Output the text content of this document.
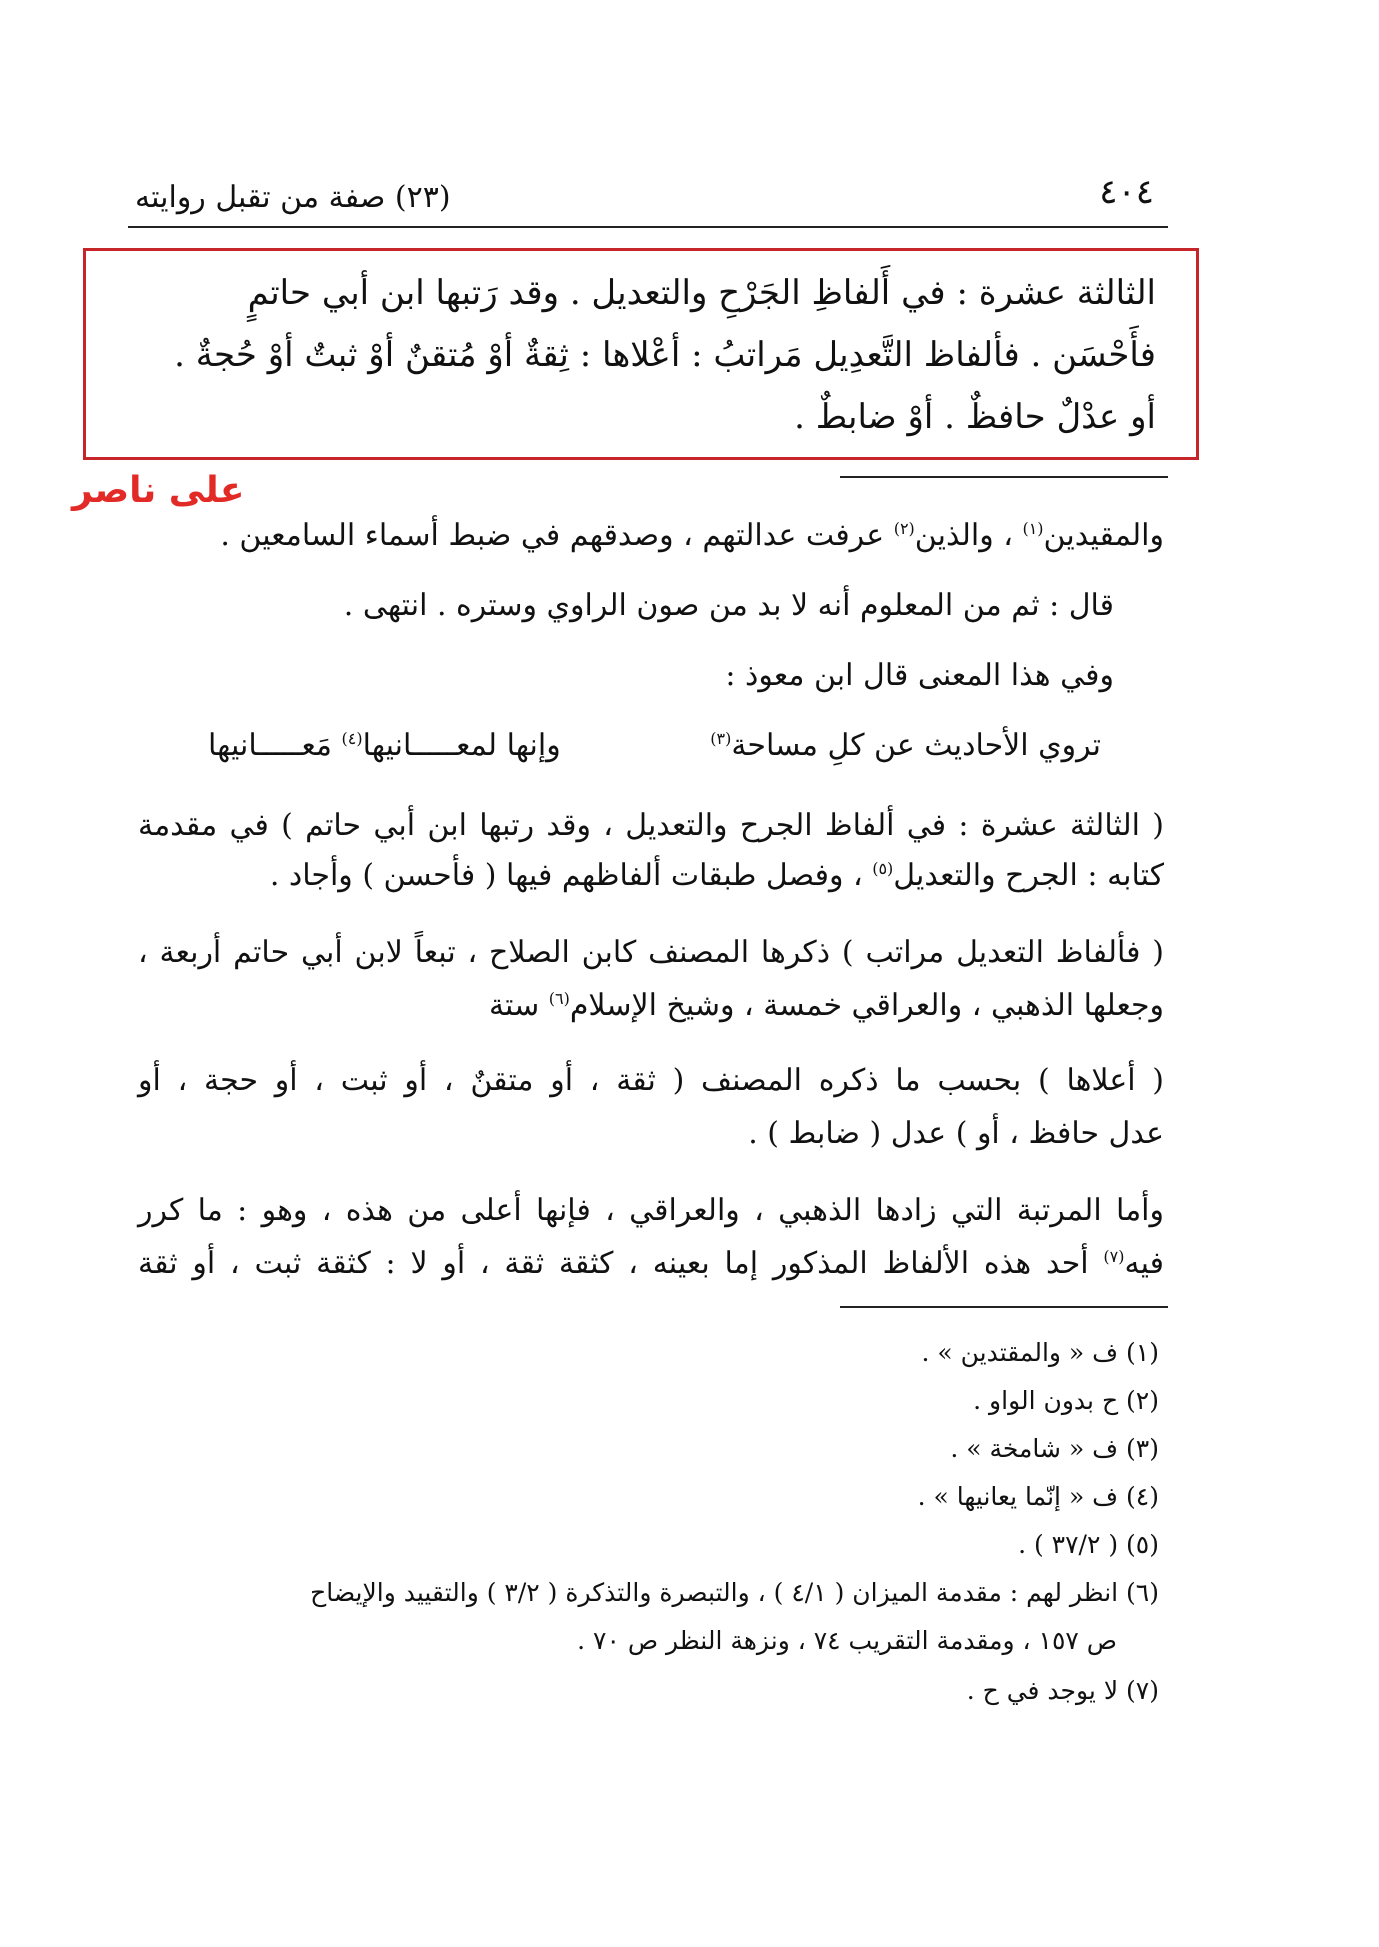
٤٠٤
(٢٣) صفة من تقبل روايته
الثالثة عشرة : في أَلفاظِ الجَرْحِ والتعديل . وقد رَتبها ابن أبي حاتمٍ
فأَحْسَن . فألفاظ التَّعدِيل مَراتبُ : أعْلاها : ثِقةٌ أوْ مُتقنٌ أوْ ثبتٌ أوْ حُجةٌ .
أو عدْلٌ حافظٌ . أوْ ضابطٌ .
على ناصر
والمقيدين$^{(١)}$ ، والذين$^{(٢)}$ عرفت عدالتهم ، وصدقهم في ضبط أسماء السامعين .
قال : ثم من المعلوم أنه لا بد من صون الراوي وستره . انتهى .
وفي هذا المعنى قال ابن معوذ :
تروي الأحاديث عن كلِ مساحة$^{(٣)}$
وإنها لمعـــــانيها$^{(٤)}$ مَعـــــانيها
( الثالثة عشرة : في ألفاظ الجرح والتعديل ، وقد رتبها ابن أبي حاتم ) في مقدمة
كتابه : الجرح والتعديل$^{(٥)}$ ، وفصل طبقات ألفاظهم فيها ( فأحسن ) وأجاد .
( فألفاظ التعديل مراتب ) ذكرها المصنف كابن الصلاح ، تبعاً لابن أبي حاتم أربعة ،
وجعلها الذهبي ، والعراقي خمسة ، وشيخ الإسلام$^{(٦)}$ ستة
( أعلاها ) بحسب ما ذكره المصنف ( ثقة ، أو متقنٌ ، أو ثبت ، أو حجة ، أو
عدل حافظ ، أو ) عدل ( ضابط ) .
وأما المرتبة التي زادها الذهبي ، والعراقي ، فإنها أعلى من هذه ، وهو : ما كرر
فيه$^{(٧)}$ أحد هذه الألفاظ المذكور إما بعينه ، كثقة ثقة ، أو لا : كثقة ثبت ، أو ثقة
(١) ف « والمقتدين » .
(٢) ح بدون الواو .
(٣) ف « شامخة » .
(٤) ف « إنّما يعانيها » .
(٥) ( ٣٧/٢ ) .
(٦) انظر لهم : مقدمة الميزان ( ٤/١ ) ، والتبصرة والتذكرة ( ٣/٢ ) والتقييد والإيضاح
ص ١٥٧ ، ومقدمة التقريب ٧٤ ، ونزهة النظر ص ٧٠ .
(٧) لا يوجد في ح .
